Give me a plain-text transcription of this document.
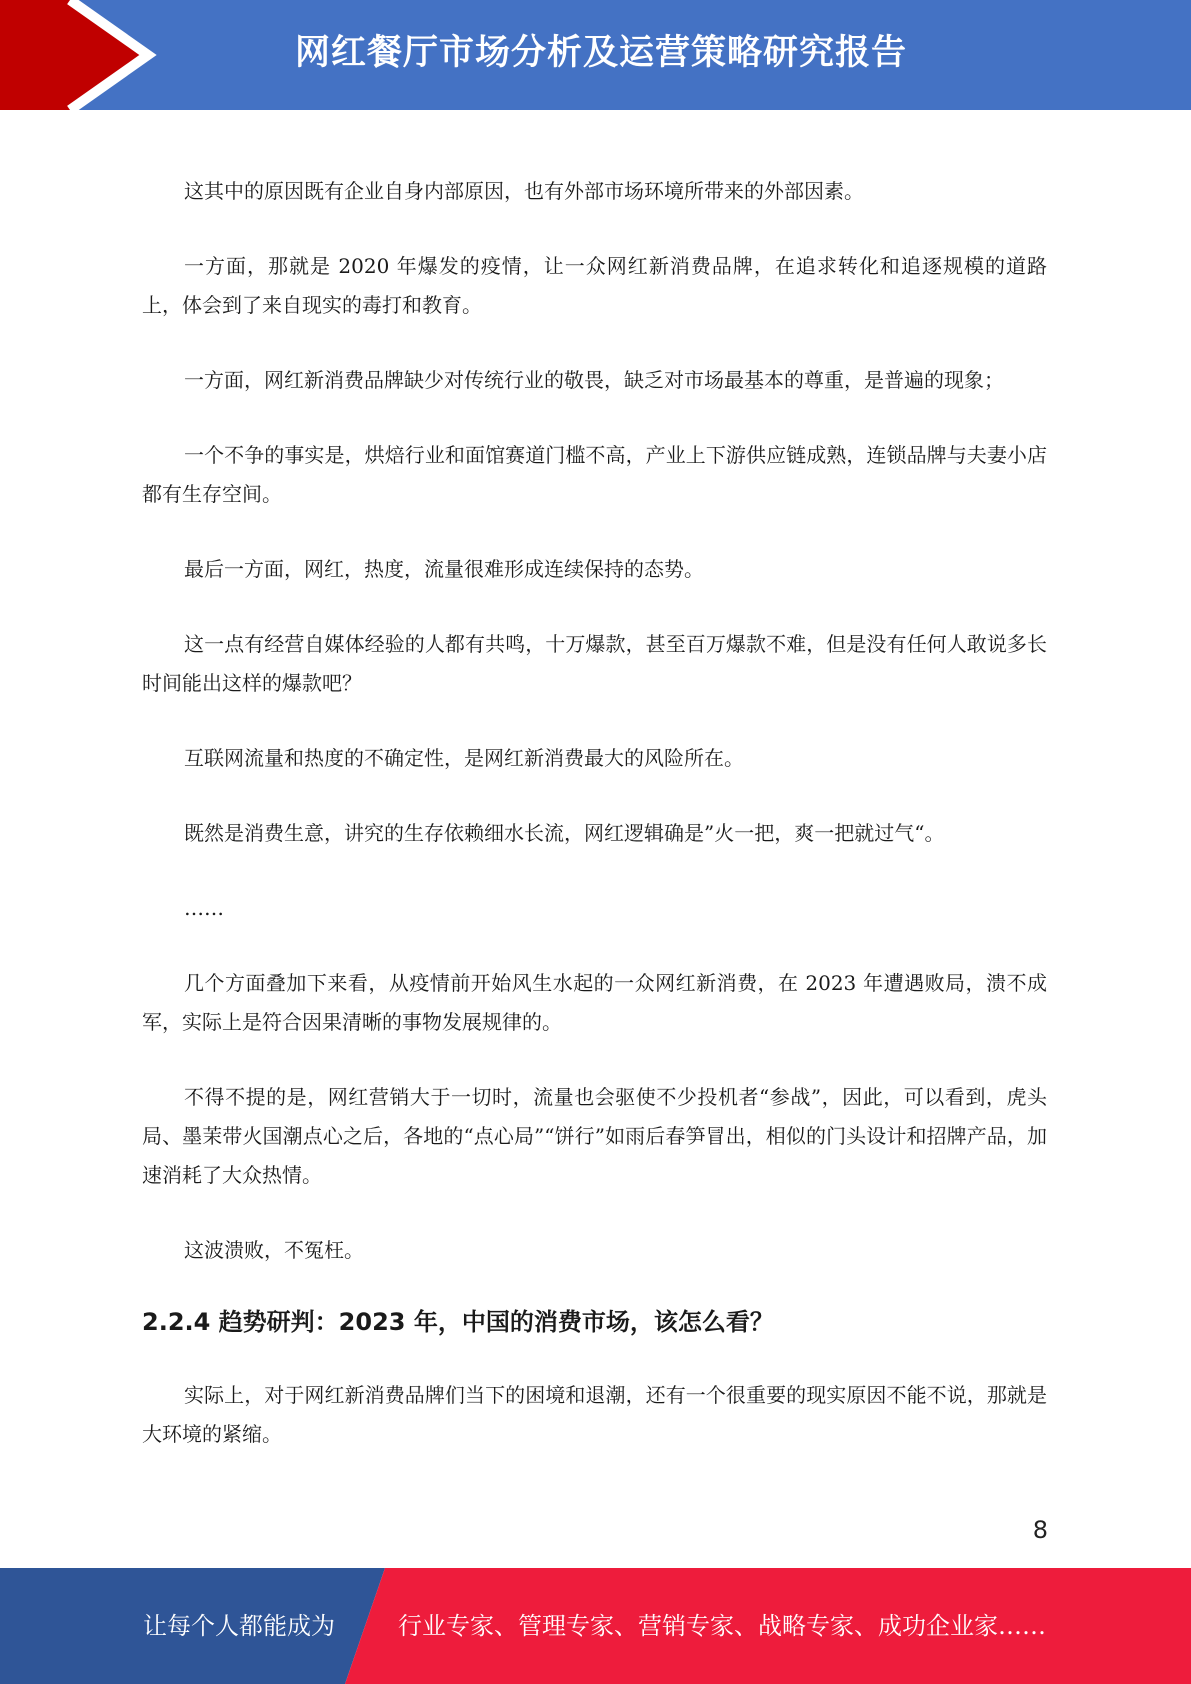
网红餐厅市场分析及运营策略研究报告

这其中的原因既有企业自身内部原因，也有外部市场环境所带来的外部因素。

一方面，那就是 2020 年爆发的疫情，让一众网红新消费品牌，在追求转化和追逐规模的道路上，体会到了来自现实的毒打和教育。

一方面，网红新消费品牌缺少对传统行业的敬畏，缺乏对市场最基本的尊重，是普遍的现象；

一个不争的事实是，烘焙行业和面馆赛道门槛不高，产业上下游供应链成熟，连锁品牌与夫妻小店都有生存空间。

最后一方面，网红，热度，流量很难形成连续保持的态势。

这一点有经营自媒体经验的人都有共鸣，十万爆款，甚至百万爆款不难，但是没有任何人敢说多长时间能出这样的爆款吧？

互联网流量和热度的不确定性，是网红新消费最大的风险所在。

既然是消费生意，讲究的生存依赖细水长流，网红逻辑确是”火一把，爽一把就过气“。

……

几个方面叠加下来看，从疫情前开始风生水起的一众网红新消费，在 2023 年遭遇败局，溃不成军，实际上是符合因果清晰的事物发展规律的。

不得不提的是，网红营销大于一切时，流量也会驱使不少投机者“参战”，因此，可以看到，虎头局、墨茉带火国潮点心之后，各地的“点心局”“饼行”如雨后春笋冒出，相似的门头设计和招牌产品，加速消耗了大众热情。

这波溃败，不冤枉。

2.2.4 趋势研判：2023 年，中国的消费市场，该怎么看？

实际上，对于网红新消费品牌们当下的困境和退潮，还有一个很重要的现实原因不能不说，那就是大环境的紧缩。

8
让每个人都能成为	行业专家、管理专家、营销专家、战略专家、成功企业家……
